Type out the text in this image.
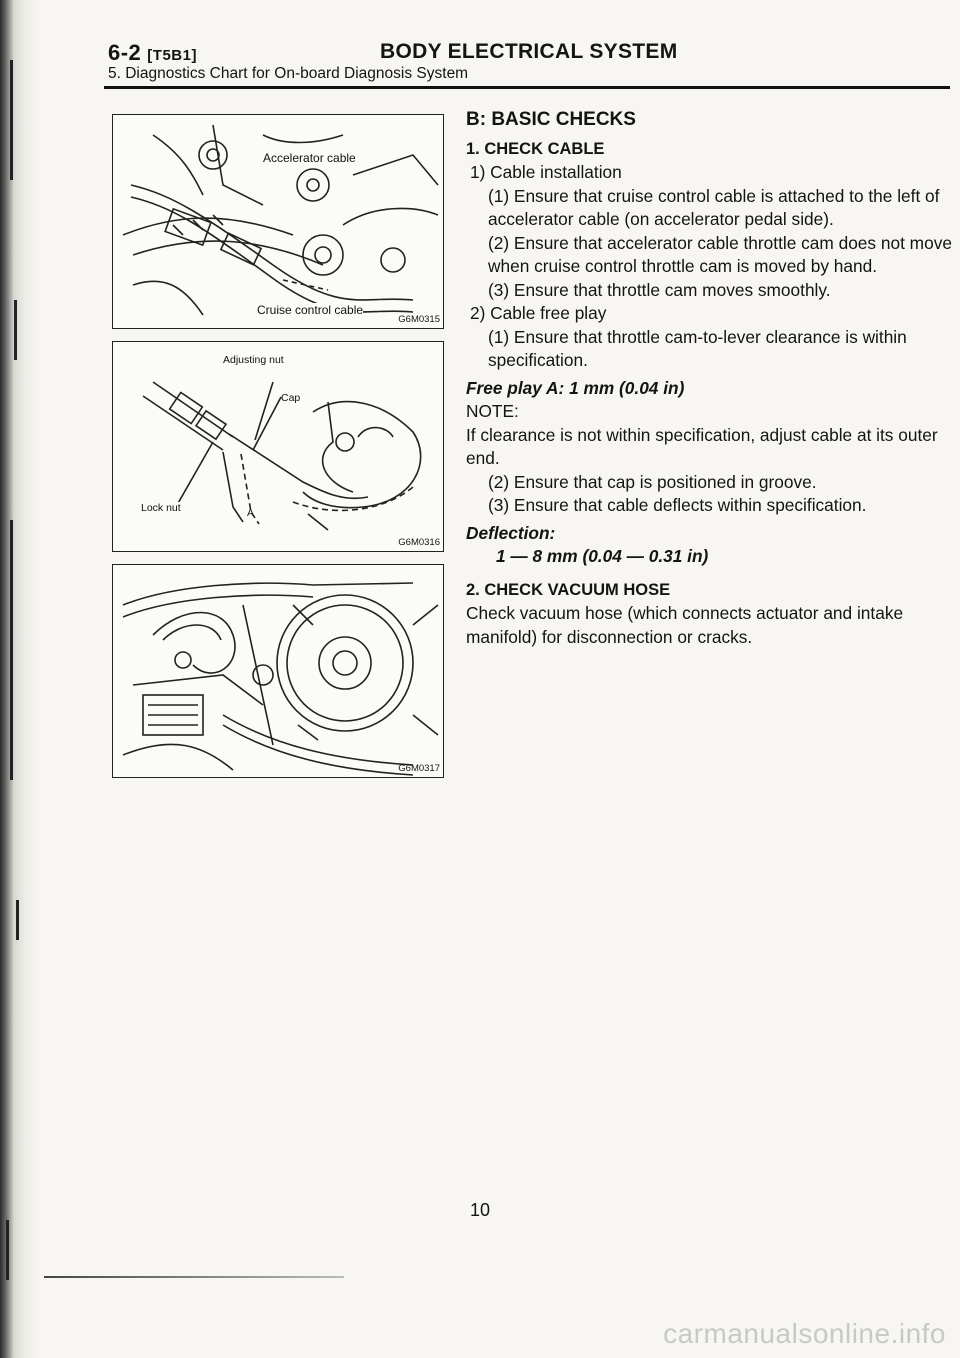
6-2 [T5B1]	BODY ELECTRICAL SYSTEM
5. Diagnostics Chart for On-board Diagnosis System
Accelerator cable
Cruise control cable
G6M0315
Adjusting nut
Cap
Lock nut	A
G6M0316
G6M0317

B: BASIC CHECKS

1. CHECK CABLE

1) Cable installation

(1) Ensure that cruise control cable is attached to the left of accelerator cable (on accelerator pedal side).

(2) Ensure that accelerator cable throttle cam does not move when cruise control throttle cam is moved by hand.

(3) Ensure that throttle cam moves smoothly.

2) Cable free play

(1) Ensure that throttle cam-to-lever clearance is within specification.

Free play A: 1 mm (0.04 in)

NOTE:

If clearance is not within specification, adjust cable at its outer end.

(2) Ensure that cap is positioned in groove.

(3) Ensure that cable deflects within specification.

Deflection:

1 — 8 mm (0.04 — 0.31 in)

2. CHECK VACUUM HOSE

Check vacuum hose (which connects actuator and intake manifold) for disconnection or cracks.

10
carmanualsonline.info
